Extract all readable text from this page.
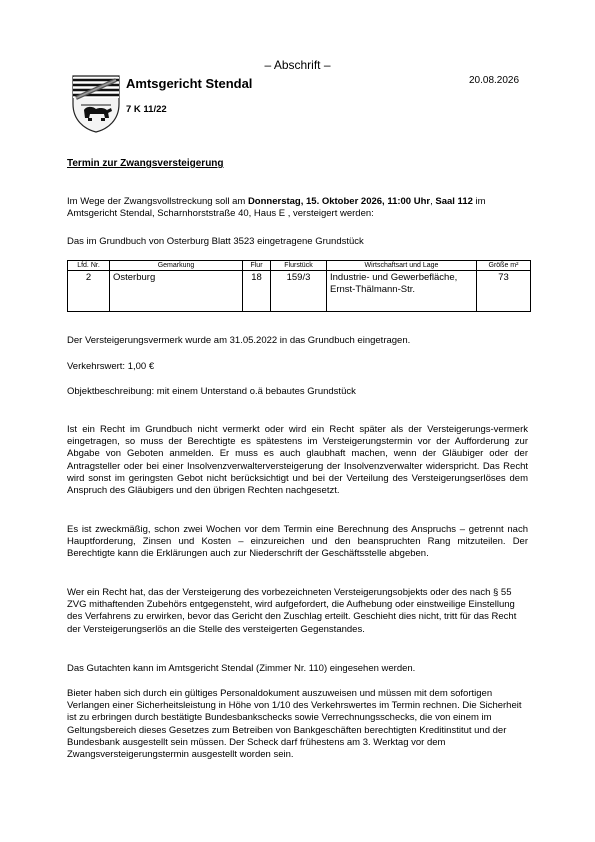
– Abschrift –
Amtsgericht Stendal	20.08.2026
7 K 11/22
Termin zur Zwangsversteigerung
Im Wege der Zwangsvollstreckung soll am Donnerstag, 15. Oktober 2026, 11:00 Uhr, Saal 112 im Amtsgericht Stendal, Scharnhorststraße 40, Haus E , versteigert werden:
Das im Grundbuch von Osterburg Blatt 3523 eingetragene Grundstück
Lfd. Nr.	Gemarkung	Flur	Flurstück	Wirtschaftsart und Lage	Größe m²
2	Osterburg	18	159/3	Industrie- und Gewerbefläche, Ernst-Thälmann-Str.	73
Der Versteigerungsvermerk wurde am 31.05.2022 in das Grundbuch eingetragen.
Verkehrswert: 1,00 €
Objektbeschreibung: mit einem Unterstand o.ä bebautes Grundstück
Ist ein Recht im Grundbuch nicht vermerkt oder wird ein Recht später als der Versteigerungs-vermerk eingetragen, so muss der Berechtigte es spätestens im Versteigerungstermin vor der Aufforderung zur Abgabe von Geboten anmelden. Er muss es auch glaubhaft machen, wenn der Gläubiger oder der Antragsteller oder bei einer Insolvenzverwalterversteigerung der Insolvenzverwalter widerspricht. Das Recht wird sonst im geringsten Gebot nicht berücksichtigt und bei der Verteilung des Versteigerungserlöses dem Anspruch des Gläubigers und den übrigen Rechten nachgesetzt.
Es ist zweckmäßig, schon zwei Wochen vor dem Termin eine Berechnung des Anspruchs – getrennt nach Hauptforderung, Zinsen und Kosten – einzureichen und den beanspruchten Rang mitzuteilen. Der Berechtigte kann die Erklärungen auch zur Niederschrift der Geschäftsstelle abgeben.
Wer ein Recht hat, das der Versteigerung des vorbezeichneten Versteigerungsobjekts oder des nach § 55 ZVG mithaftenden Zubehörs entgegensteht, wird aufgefordert, die Aufhebung oder einstweilige Einstellung des Verfahrens zu erwirken, bevor das Gericht den Zuschlag erteilt. Geschieht dies nicht, tritt für das Recht der Versteigerungserlös an die Stelle des versteigerten Gegenstandes.
Das Gutachten kann im Amtsgericht Stendal (Zimmer Nr. 110) eingesehen werden.
Bieter haben sich durch ein gültiges Personaldokument auszuweisen und müssen mit dem sofortigen Verlangen einer Sicherheitsleistung in Höhe von 1/10 des Verkehrswertes im Termin rechnen. Die Sicherheit ist zu erbringen durch bestätigte Bundesbankschecks sowie Verrechnungsschecks, die von einem im Geltungsbereich dieses Gesetzes zum Betreiben von Bankgeschäften berechtigten Kreditinstitut und der Bundesbank ausgestellt sein müssen. Der Scheck darf frühestens am 3. Werktag vor dem Zwangsversteigerungstermin ausgestellt worden sein.
